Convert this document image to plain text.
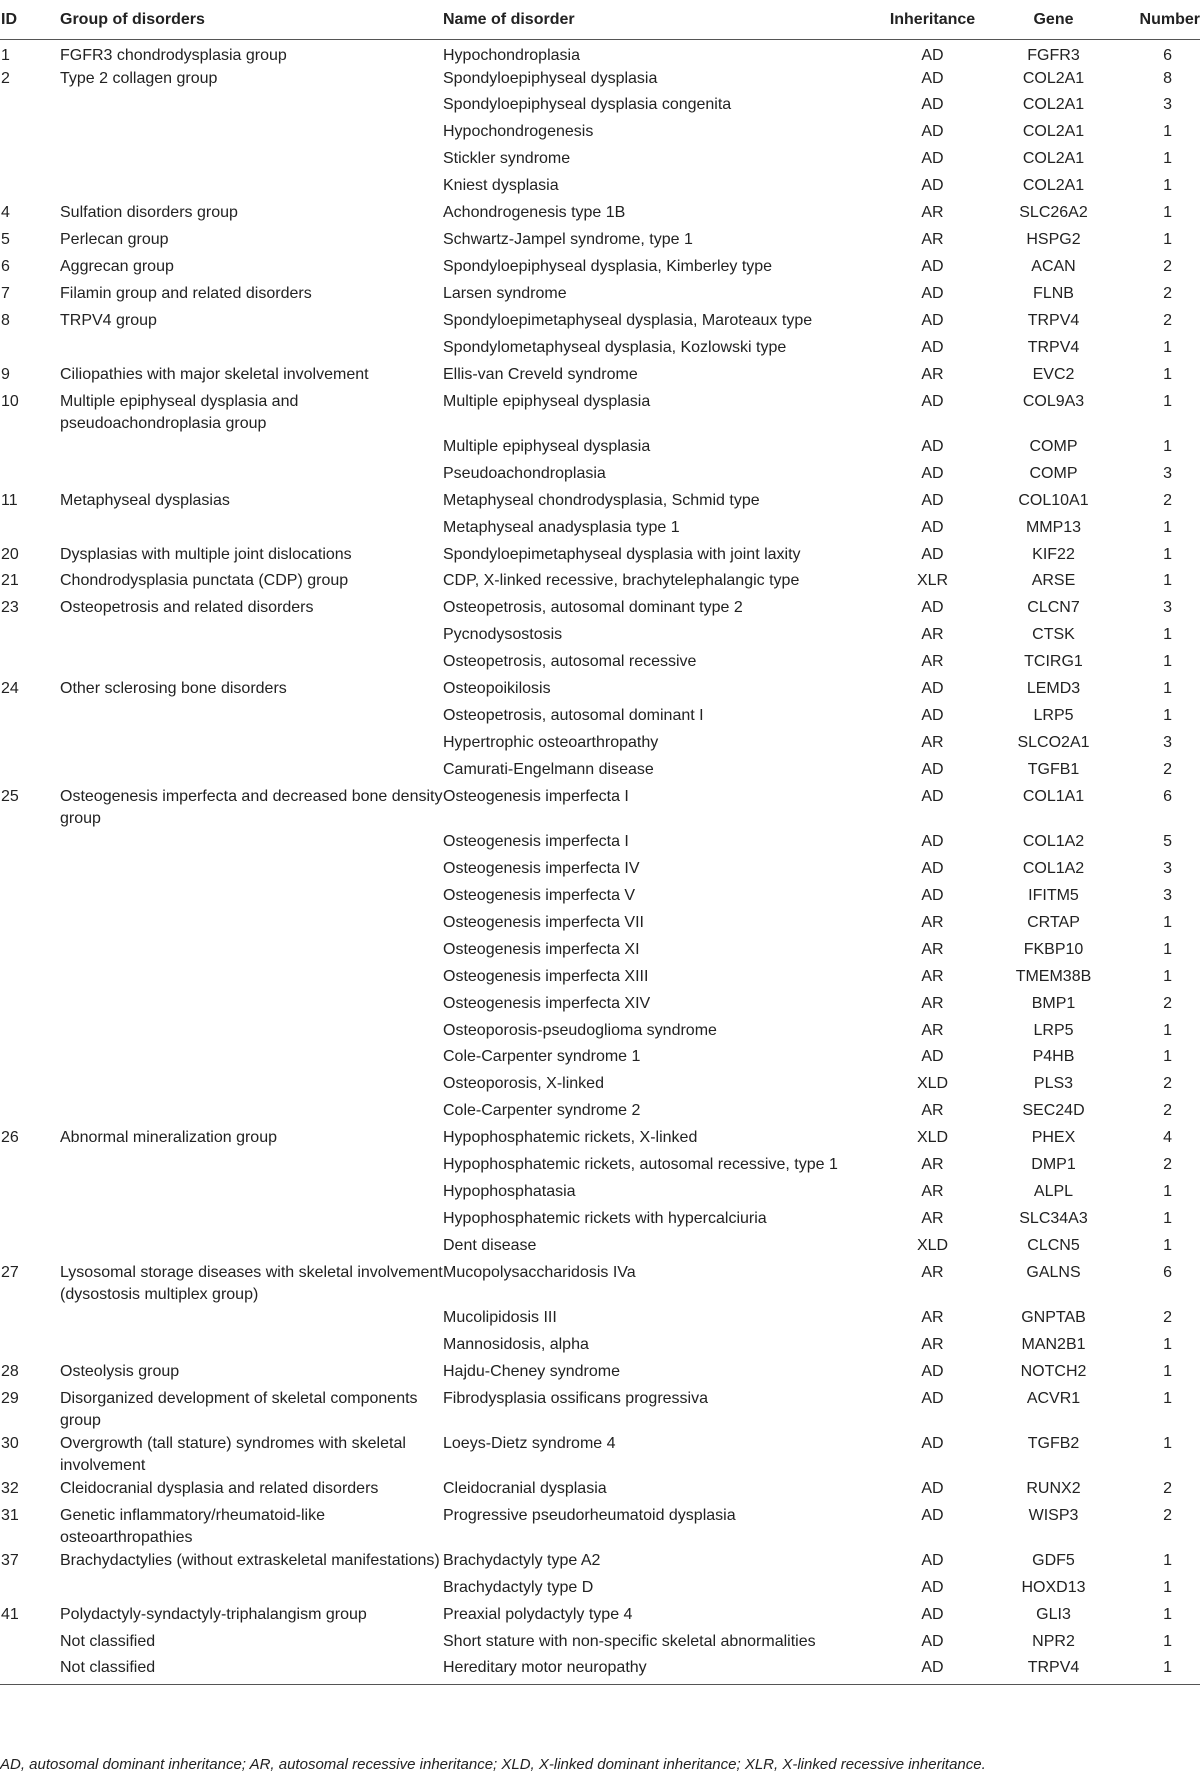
ID	Group of disorders	Name of disorder	Inheritance	Gene	Number
1	FGFR3 chondrodysplasia group	Hypochondroplasia	AD	FGFR3	6
2	Type 2 collagen group	Spondyloepiphyseal dysplasia	AD	COL2A1	8
		Spondyloepiphyseal dysplasia congenita	AD	COL2A1	3
		Hypochondrogenesis	AD	COL2A1	1
		Stickler syndrome	AD	COL2A1	1
		Kniest dysplasia	AD	COL2A1	1
4	Sulfation disorders group	Achondrogenesis type 1B	AR	SLC26A2	1
5	Perlecan group	Schwartz-Jampel syndrome, type 1	AR	HSPG2	1
6	Aggrecan group	Spondyloepiphyseal dysplasia, Kimberley type	AD	ACAN	2
7	Filamin group and related disorders	Larsen syndrome	AD	FLNB	2
8	TRPV4 group	Spondyloepimetaphyseal dysplasia, Maroteaux type	AD	TRPV4	2
		Spondylometaphyseal dysplasia, Kozlowski type	AD	TRPV4	1
9	Ciliopathies with major skeletal involvement	Ellis-van Creveld syndrome	AR	EVC2	1
10	Multiple epiphyseal dysplasia and pseudoachondroplasia group	Multiple epiphyseal dysplasia	AD	COL9A3	1
		Multiple epiphyseal dysplasia	AD	COMP	1
		Pseudoachondroplasia	AD	COMP	3
11	Metaphyseal dysplasias	Metaphyseal chondrodysplasia, Schmid type	AD	COL10A1	2
		Metaphyseal anadysplasia type 1	AD	MMP13	1
20	Dysplasias with multiple joint dislocations	Spondyloepimetaphyseal dysplasia with joint laxity	AD	KIF22	1
21	Chondrodysplasia punctata (CDP) group	CDP, X-linked recessive, brachytelephalangic type	XLR	ARSE	1
23	Osteopetrosis and related disorders	Osteopetrosis, autosomal dominant type 2	AD	CLCN7	3
		Pycnodysostosis	AR	CTSK	1
		Osteopetrosis, autosomal recessive	AR	TCIRG1	1
24	Other sclerosing bone disorders	Osteopoikilosis	AD	LEMD3	1
		Osteopetrosis, autosomal dominant I	AD	LRP5	1
		Hypertrophic osteoarthropathy	AR	SLCO2A1	3
		Camurati-Engelmann disease	AD	TGFB1	2
25	Osteogenesis imperfecta and decreased bone density group	Osteogenesis imperfecta I	AD	COL1A1	6
		Osteogenesis imperfecta I	AD	COL1A2	5
		Osteogenesis imperfecta IV	AD	COL1A2	3
		Osteogenesis imperfecta V	AD	IFITM5	3
		Osteogenesis imperfecta VII	AR	CRTAP	1
		Osteogenesis imperfecta XI	AR	FKBP10	1
		Osteogenesis imperfecta XIII	AR	TMEM38B	1
		Osteogenesis imperfecta XIV	AR	BMP1	2
		Osteoporosis-pseudoglioma syndrome	AR	LRP5	1
		Cole-Carpenter syndrome 1	AD	P4HB	1
		Osteoporosis, X-linked	XLD	PLS3	2
		Cole-Carpenter syndrome 2	AR	SEC24D	2
26	Abnormal mineralization group	Hypophosphatemic rickets, X-linked	XLD	PHEX	4
		Hypophosphatemic rickets, autosomal recessive, type 1	AR	DMP1	2
		Hypophosphatasia	AR	ALPL	1
		Hypophosphatemic rickets with hypercalciuria	AR	SLC34A3	1
		Dent disease	XLD	CLCN5	1
27	Lysosomal storage diseases with skeletal involvement (dysostosis multiplex group)	Mucopolysaccharidosis IVa	AR	GALNS	6
		Mucolipidosis III	AR	GNPTAB	2
		Mannosidosis, alpha	AR	MAN2B1	1
28	Osteolysis group	Hajdu-Cheney syndrome	AD	NOTCH2	1
29	Disorganized development of skeletal components group	Fibrodysplasia ossificans progressiva	AD	ACVR1	1
30	Overgrowth (tall stature) syndromes with skeletal involvement	Loeys-Dietz syndrome 4	AD	TGFB2	1
32	Cleidocranial dysplasia and related disorders	Cleidocranial dysplasia	AD	RUNX2	2
31	Genetic inflammatory/rheumatoid-like osteoarthropathies	Progressive pseudorheumatoid dysplasia	AD	WISP3	2
37	Brachydactylies (without extraskeletal manifestations)	Brachydactyly type A2	AD	GDF5	1
		Brachydactyly type D	AD	HOXD13	1
41	Polydactyly-syndactyly-triphalangism group	Preaxial polydactyly type 4	AD	GLI3	1
	Not classified	Short stature with non-specific skeletal abnormalities	AD	NPR2	1
	Not classified	Hereditary motor neuropathy	AD	TRPV4	1
AD, autosomal dominant inheritance; AR, autosomal recessive inheritance; XLD, X-linked dominant inheritance; XLR, X-linked recessive inheritance.
